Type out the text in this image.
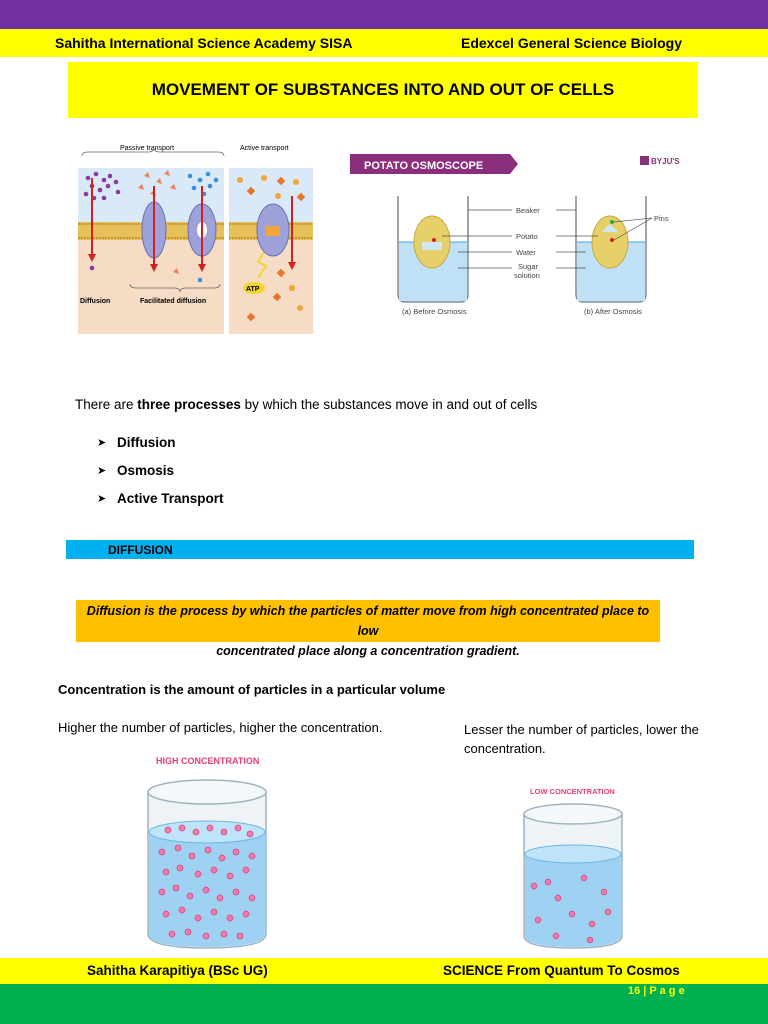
Sahitha International Science Academy SISA	Edexcel General Science Biology
MOVEMENT OF SUBSTANCES INTO AND OUT OF CELLS
Passive transport	Active transport
Diffusion	Facilitated diffusion
ATP
POTATO OSMOSCOPE	BYJU'S
Beaker
Potato
Water
Sugar
solution
Pins
(a) Before Osmosis	(b) After Osmosis
There are three processes by which the substances move in and out of cells
➤ Diffusion
➤ Osmosis
➤ Active Transport
DIFFUSION
Diffusion is the process by which the particles of matter move from high concentrated place to low
concentrated place along a concentration gradient.
Concentration is the amount of particles in a particular volume
Higher the number of particles, higher the concentration.	Lesser the number of particles, lower the concentration.
HIGH CONCENTRATION
LOW CONCENTRATION
Sahitha Karapitiya (BSc UG)	SCIENCE From Quantum To Cosmos
16 | P a g e
